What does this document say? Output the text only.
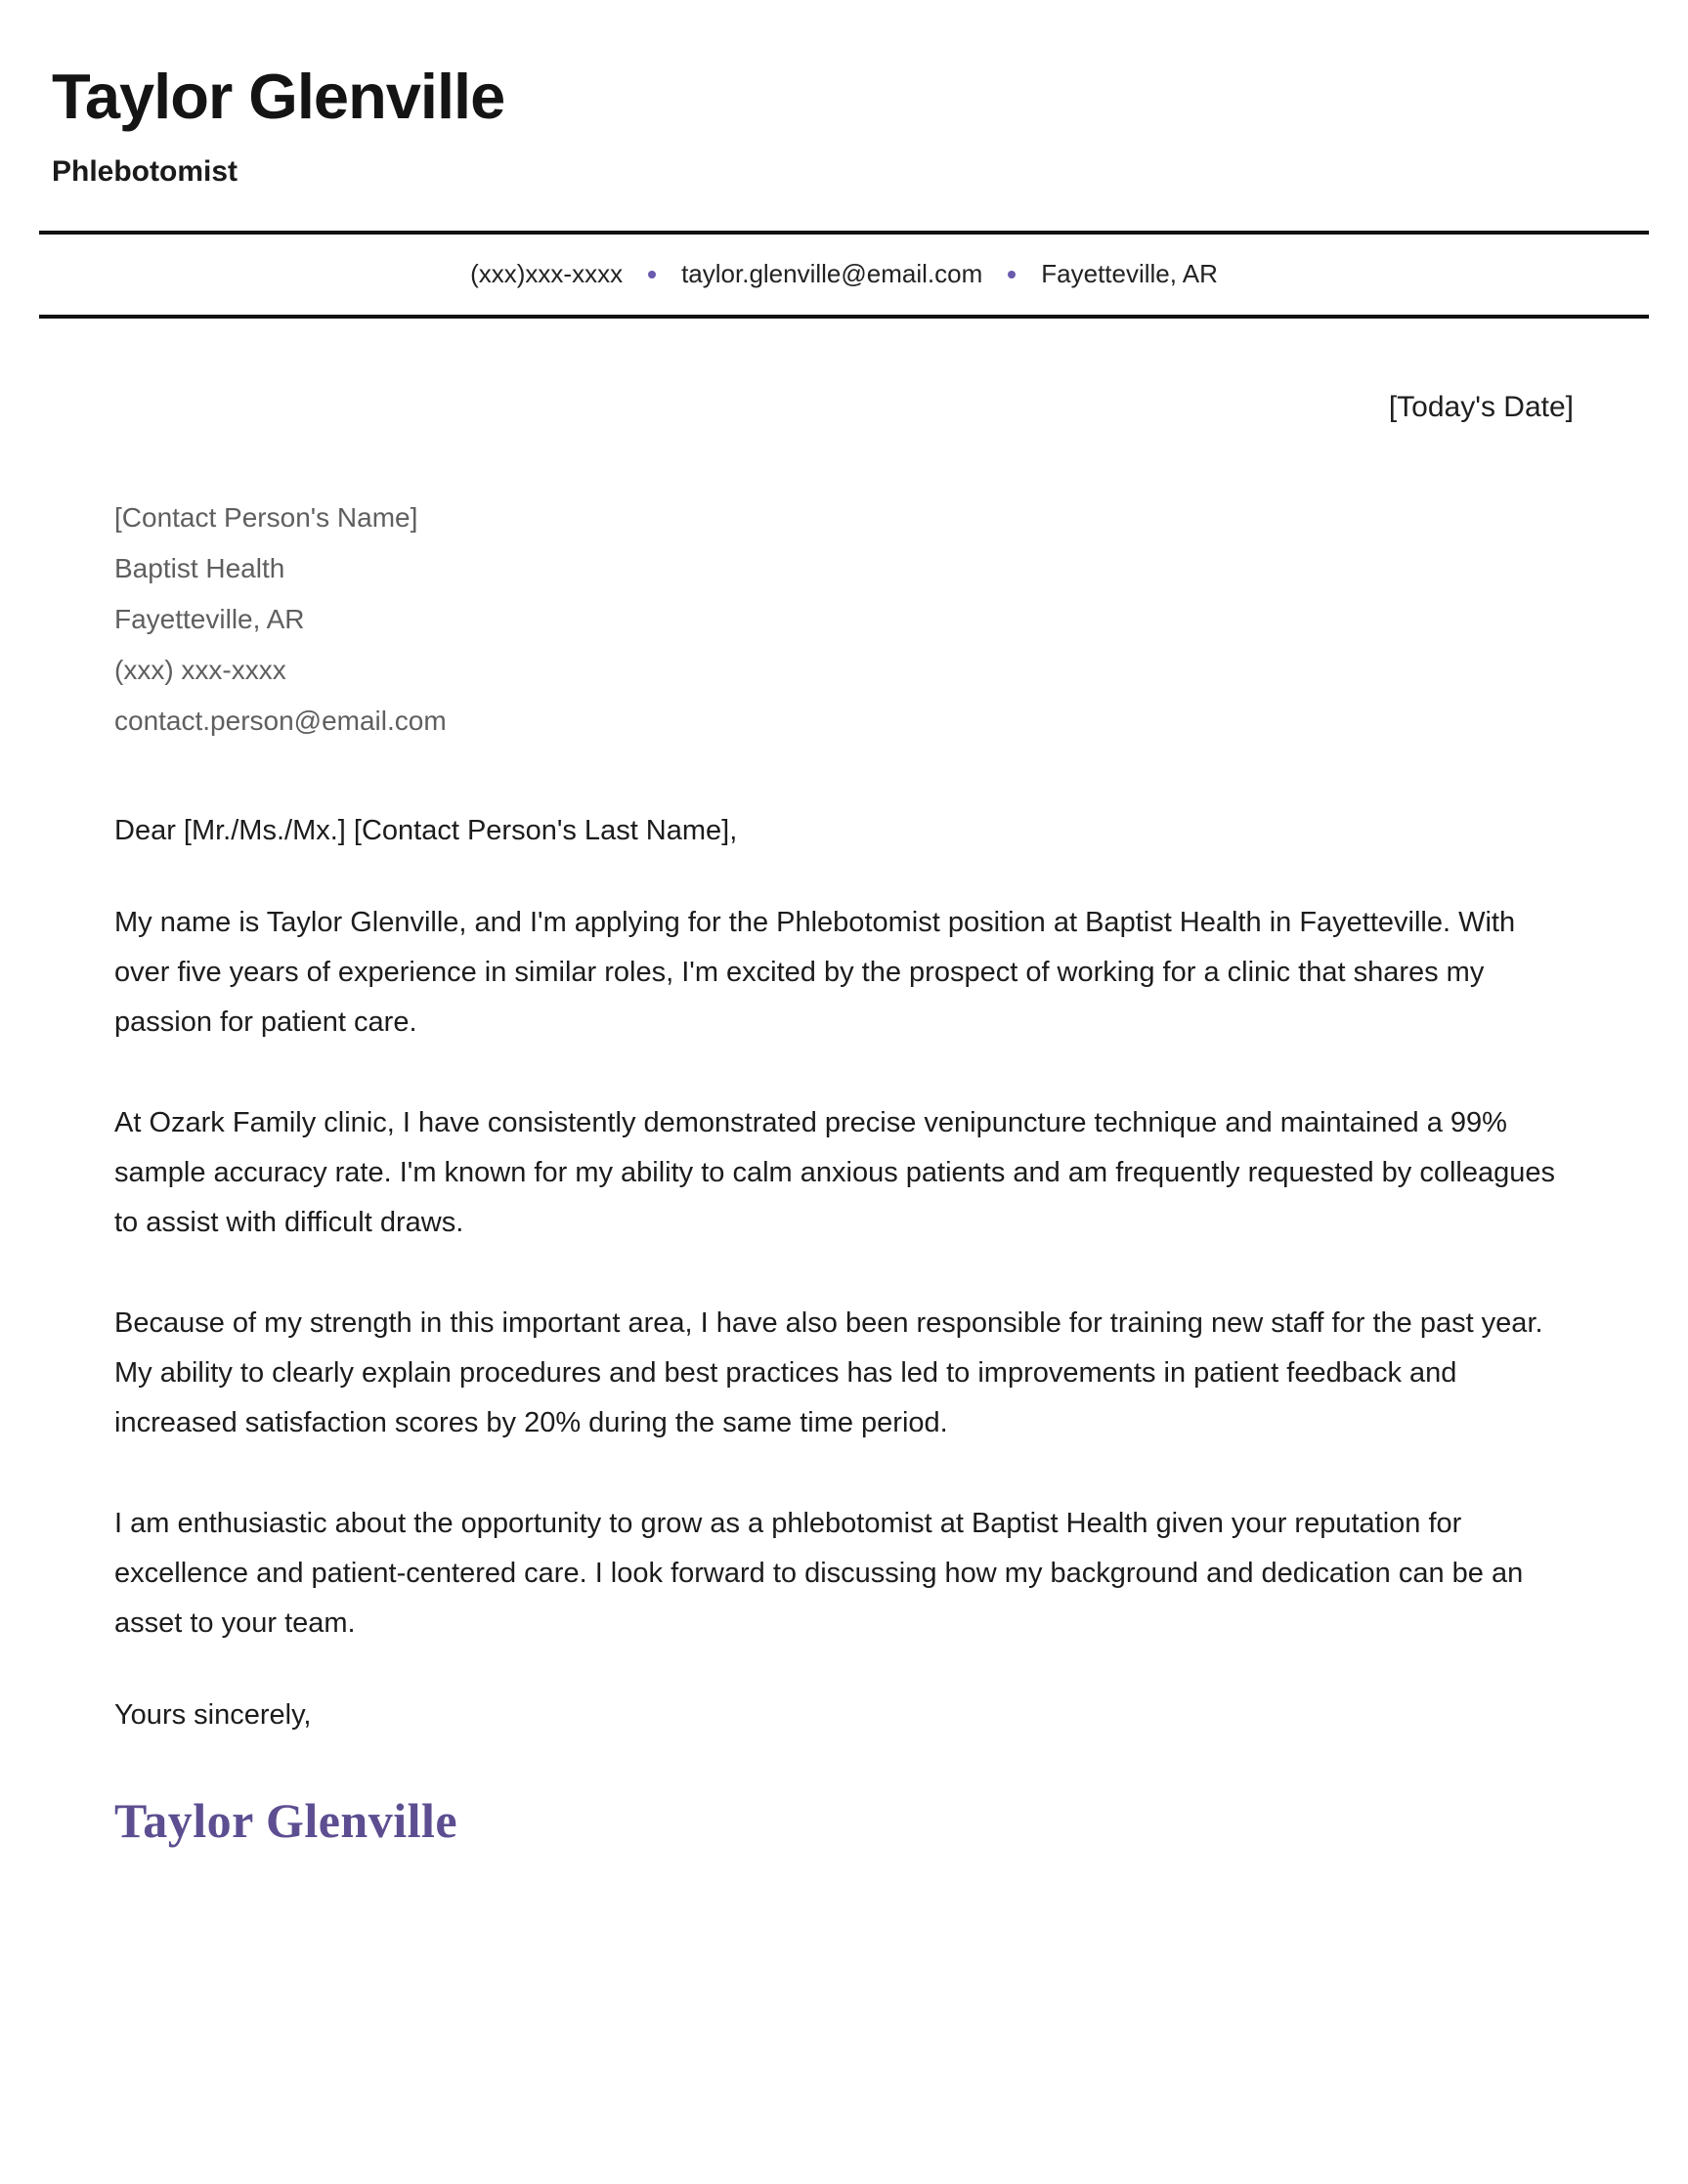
Taylor Glenville
Phlebotomist
(xxx)xxx-xxxx taylor.glenville@email.com Fayetteville, AR
[Today's Date]
[Contact Person's Name]
Baptist Health
Fayetteville, AR
(xxx) xxx-xxxx
contact.person@email.com
Dear [Mr./Ms./Mx.] [Contact Person's Last Name],
My name is Taylor Glenville, and I'm applying for the Phlebotomist position at Baptist Health in Fayetteville. With over five years of experience in similar roles, I'm excited by the prospect of working for a clinic that shares my passion for patient care.
At Ozark Family clinic, I have consistently demonstrated precise venipuncture technique and maintained a 99% sample accuracy rate. I'm known for my ability to calm anxious patients and am frequently requested by colleagues to assist with difficult draws.
Because of my strength in this important area, I have also been responsible for training new staff for the past year. My ability to clearly explain procedures and best practices has led to improvements in patient feedback and increased satisfaction scores by 20% during the same time period.
I am enthusiastic about the opportunity to grow as a phlebotomist at Baptist Health given your reputation for excellence and patient-centered care. I look forward to discussing how my background and dedication can be an asset to your team.
Yours sincerely,
Taylor Glenville
